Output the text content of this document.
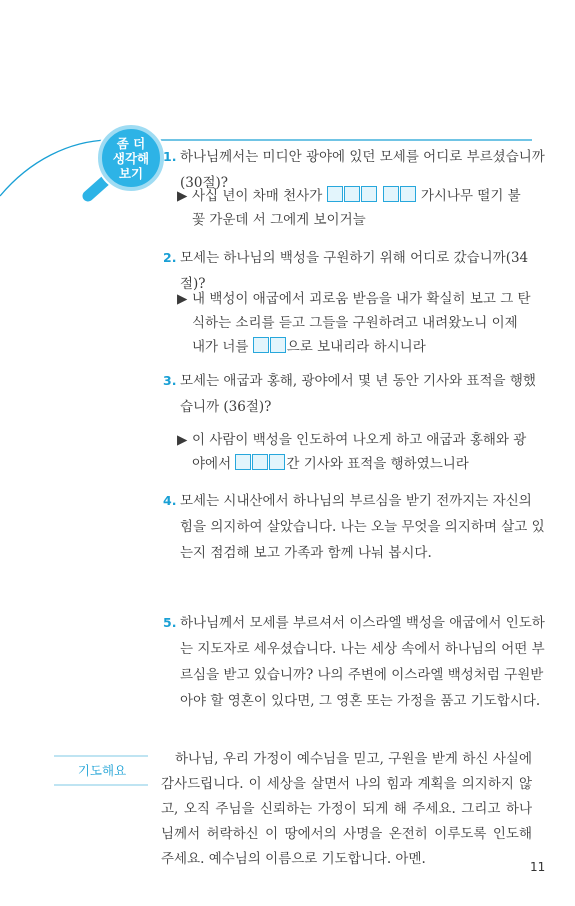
좀 더
생각해
보기
1. 하나님께서는 미디안 광야에 있던 모세를 어디로 부르셨습니까(30절)?
▶ 사십 년이 차매 천사가	가시나무 떨기 불꽃 가운데 서 그에게 보이거늘
2. 모세는 하나님의 백성을 구원하기 위해 어디로 갔습니까(34절)?
▶ 내 백성이 애굽에서 괴로움 받음을 내가 확실히 보고 그 탄식하는 소리를 듣고 그들을 구원하려고 내려왔노니 이제 내가 너를	으로 보내리라 하시니라
3. 모세는 애굽과 홍해, 광야에서 몇 년 동안 기사와 표적을 행했습니까 (36절)?
▶ 이 사람이 백성을 인도하여 나오게 하고 애굽과 홍해와 광야에서	간 기사와 표적을 행하였느니라
4. 모세는 시내산에서 하나님의 부르심을 받기 전까지는 자신의 힘을 의지하여 살았습니다. 나는 오늘 무엇을 의지하며 살고 있는지 점검해 보고 가족과 함께 나눠 봅시다.
5. 하나님께서 모세를 부르셔서 이스라엘 백성을 애굽에서 인도하는 지도자로 세우셨습니다. 나는 세상 속에서 하나님의 어떤 부르심을 받고 있습니까? 나의 주변에 이스라엘 백성처럼 구원받아야 할 영혼이 있다면, 그 영혼 또는 가정을 품고 기도합시다.
기도해요
하나님, 우리 가정이 예수님을 믿고, 구원을 받게 하신 사실에 감사드립니다. 이 세상을 살면서 나의 힘과 계획을 의지하지 않고, 오직 주님을 신뢰하는 가정이 되게 해 주세요. 그리고 하나님께서 허락하신 이 땅에서의 사명을 온전히 이루도록 인도해 주세요. 예수님의 이름으로 기도합니다. 아멘.	11
